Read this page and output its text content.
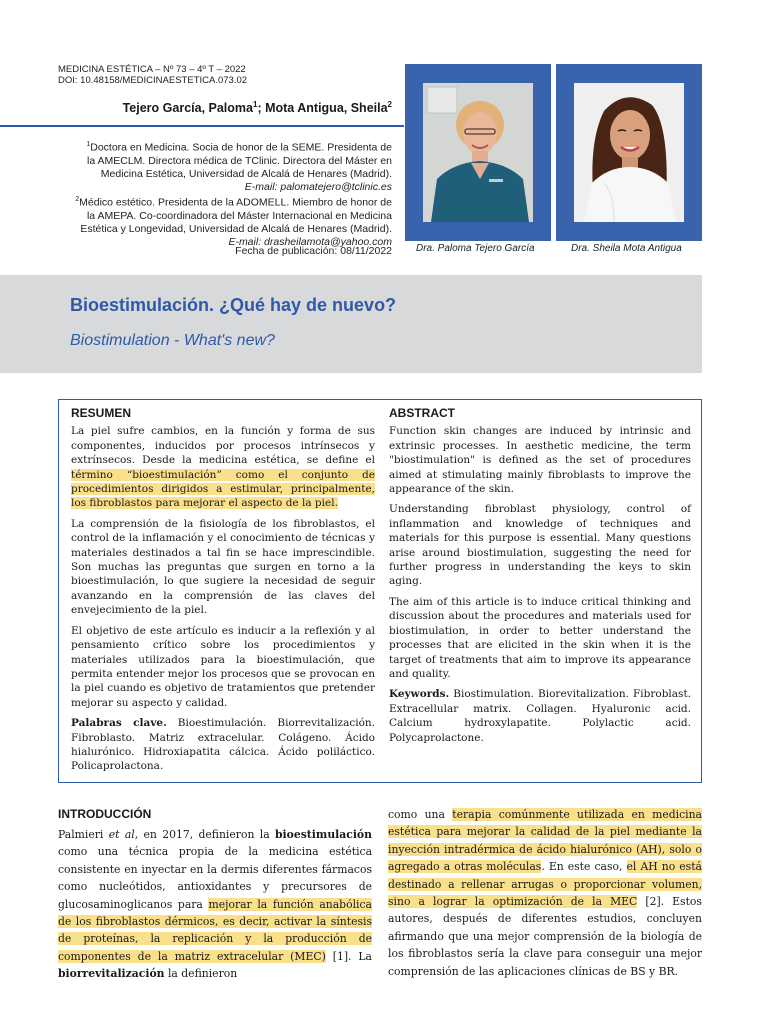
MEDICINA ESTÉTICA – Nº 73 – 4º T – 2022
DOI: 10.48158/MEDICINAESTETICA.073.02
Tejero García, Paloma$^1$; Mota Antigua, Sheila$^2$
$^1$Doctora en Medicina. Socia de honor de la SEME. Presidenta de
la AMECLM. Directora médica de TClinic. Directora del Máster en
Medicina Estética, Universidad de Alcalá de Henares (Madrid).
E-mail: palomatejero@tclinic.es
$^2$Médico estético. Presidenta de la ADOMELL. Miembro de honor de
la AMEPA. Co-coordinadora del Máster Internacional en Medicina
Estética y Longevidad, Universidad de Alcalá de Henares (Madrid).
E-mail: drasheilamota@yahoo.com
Fecha de publicación: 08/11/2022 Dra. Paloma Tejero García	Dra. Sheila Mota Antigua
Bioestimulación. ¿Qué hay de nuevo?
Biostimulation - What's new?
RESUMEN

La piel sufre cambios, en la función y forma de sus componentes, inducidos por procesos intrínsecos y extrínsecos. Desde la medicina estética, se define el término “bioestimulación” como el conjunto de procedimientos dirigidos a estimular, principalmente, los fibroblastos para mejorar el aspecto de la piel.

La comprensión de la fisiología de los fibroblastos, el control de la inflamación y el conocimiento de técnicas y materiales destinados a tal fin se hace imprescindible. Son muchas las preguntas que surgen en torno a la bioestimulación, lo que sugiere la necesidad de seguir avanzando en la comprensión de las claves del envejecimiento de la piel.

El objetivo de este artículo es inducir a la reflexión y al pensamiento crítico sobre los procedimientos y materiales utilizados para la bioestimulación, que permita entender mejor los procesos que se provocan en la piel cuando es objetivo de tratamientos que pretender mejorar su aspecto y calidad.

Palabras clave. Bioestimulación. Biorrevitalización. Fibroblasto. Matriz extracelular. Colágeno. Ácido hialurónico. Hidroxiapatita cálcica. Ácido poliláctico. Policaprolactona.

ABSTRACT

Function skin changes are induced by intrinsic and extrinsic processes. In aesthetic medicine, the term "biostimulation" is defined as the set of procedures aimed at stimulating mainly fibroblasts to improve the appearance of the skin.

Understanding fibroblast physiology, control of inflammation and knowledge of techniques and materials for this purpose is essential. Many questions arise around biostimulation, suggesting the need for further progress in understanding the keys to skin aging.

The aim of this article is to induce critical thinking and discussion about the procedures and materials used for biostimulation, in order to better understand the processes that are elicited in the skin when it is the target of treatments that aim to improve its appearance and quality.

Keywords. Biostimulation. Biorevitalization. Fibroblast. Extracellular matrix. Collagen. Hyaluronic acid. Calcium hydroxylapatite. Polylactic acid. Polycaprolactone.

INTRODUCCIÓN

Palmieri et al, en 2017, definieron la bioestimulación como una técnica propia de la medicina estética consistente en inyectar en la dermis diferentes fármacos como nucleótidos, antioxidantes y precursores de glucosaminoglicanos para mejorar la función anabólica de los fibroblastos dérmicos, es decir, activar la síntesis de proteínas, la replicación y la producción de componentes de la matriz extracelular (MEC) [1]. La biorrevitalización la definieron

como una terapia comúnmente utilizada en medicina estética para mejorar la calidad de la piel mediante la inyección intradérmica de ácido hialurónico (AH), solo o agregado a otras moléculas. En este caso, el AH no está destinado a rellenar arrugas o proporcionar volumen, sino a lograr la optimización de la MEC [2]. Estos autores, después de diferentes estudios, concluyen afirmando que una mejor comprensión de la biología de los fibroblastos sería la clave para conseguir una mejor comprensión de las aplicaciones clínicas de BS y BR.
